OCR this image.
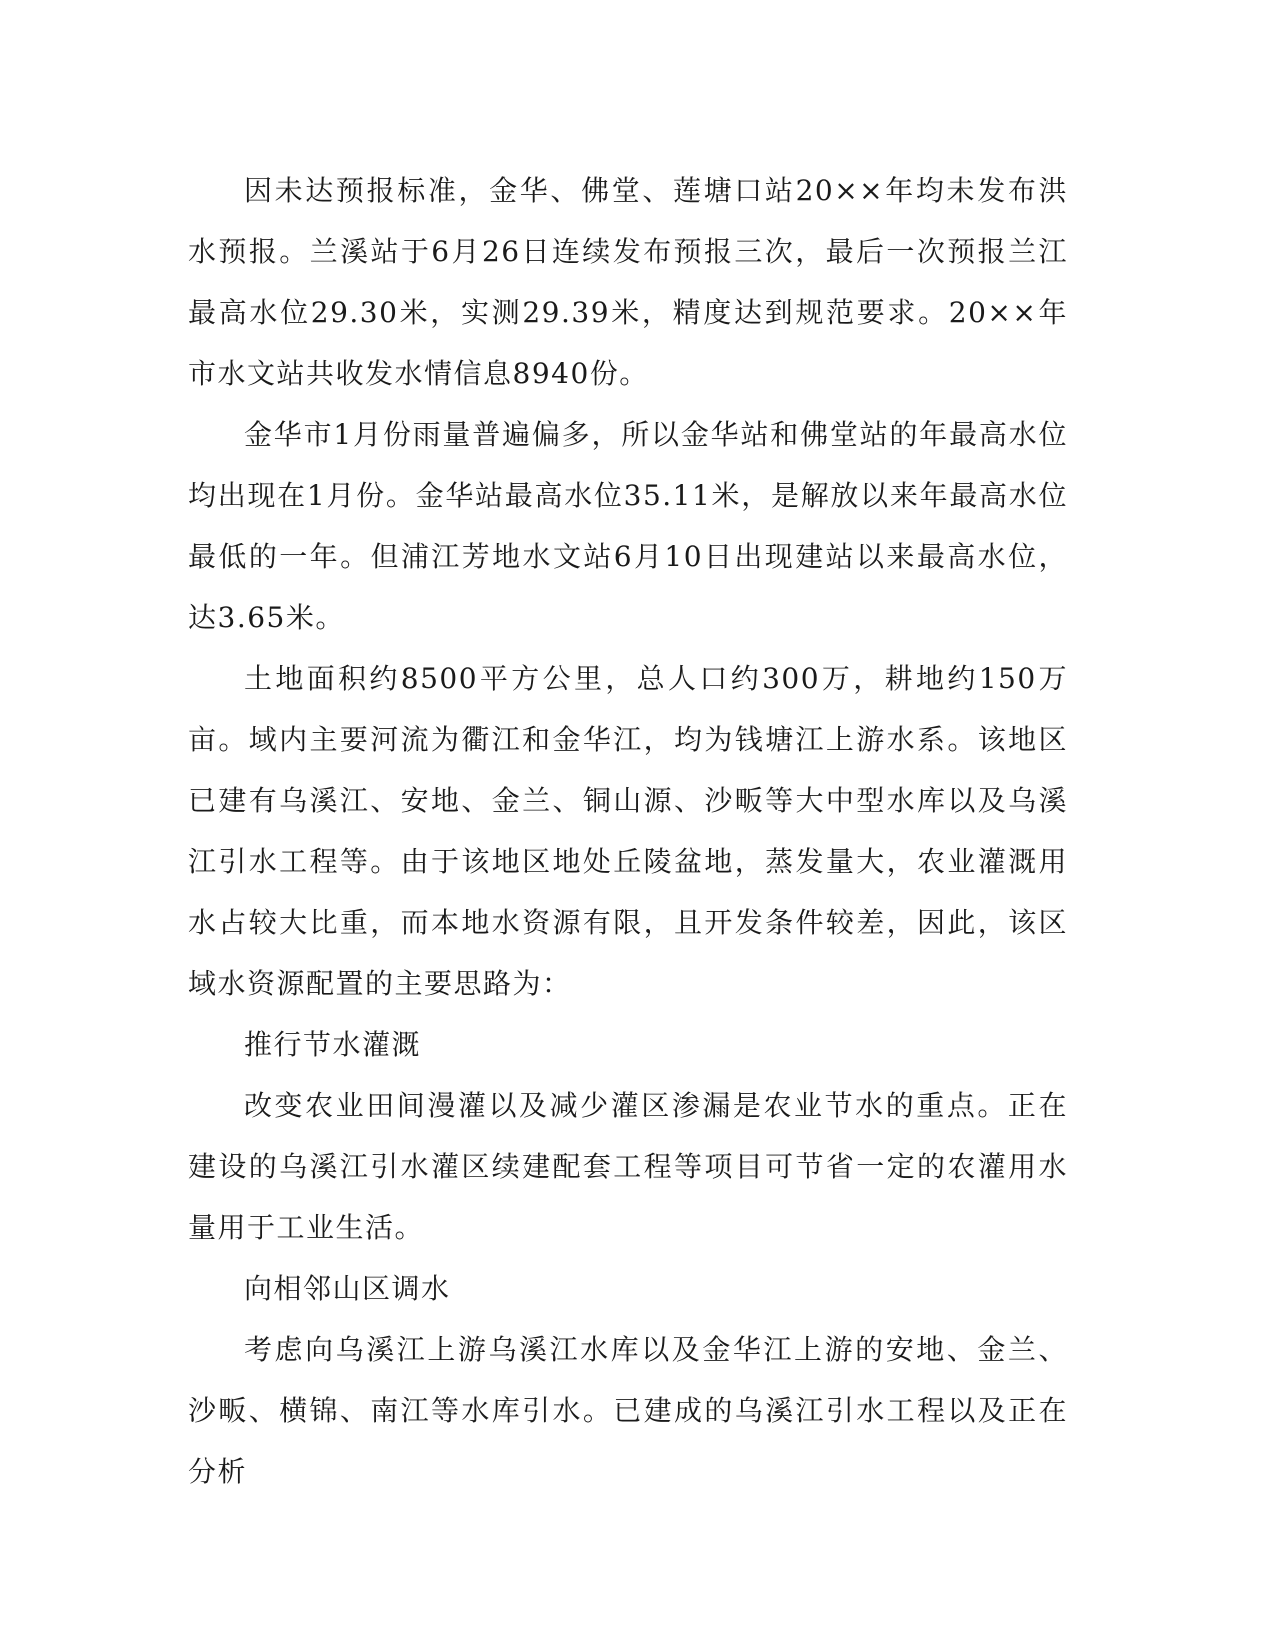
因未达预报标准，金华、佛堂、莲塘口站20××年均未发布洪水预报。兰溪站于6月26日连续发布预报三次，最后一次预报兰江最高水位29.30米，实测29.39米，精度达到规范要求。20××年市水文站共收发水情信息8940份。

金华市1月份雨量普遍偏多，所以金华站和佛堂站的年最高水位均出现在1月份。金华站最高水位35.11米，是解放以来年最高水位最低的一年。但浦江芳地水文站6月10日出现建站以来最高水位，达3.65米。

土地面积约8500平方公里，总人口约300万，耕地约150万亩。域内主要河流为衢江和金华江，均为钱塘江上游水系。该地区已建有乌溪江、安地、金兰、铜山源、沙畈等大中型水库以及乌溪江引水工程等。由于该地区地处丘陵盆地，蒸发量大，农业灌溉用水占较大比重，而本地水资源有限，且开发条件较差，因此，该区域水资源配置的主要思路为：

推行节水灌溉

改变农业田间漫灌以及减少灌区渗漏是农业节水的重点。正在建设的乌溪江引水灌区续建配套工程等项目可节省一定的农灌用水量用于工业生活。

向相邻山区调水

考虑向乌溪江上游乌溪江水库以及金华江上游的安地、金兰、沙畈、横锦、南江等水库引水。已建成的乌溪江引水工程以及正在分析
